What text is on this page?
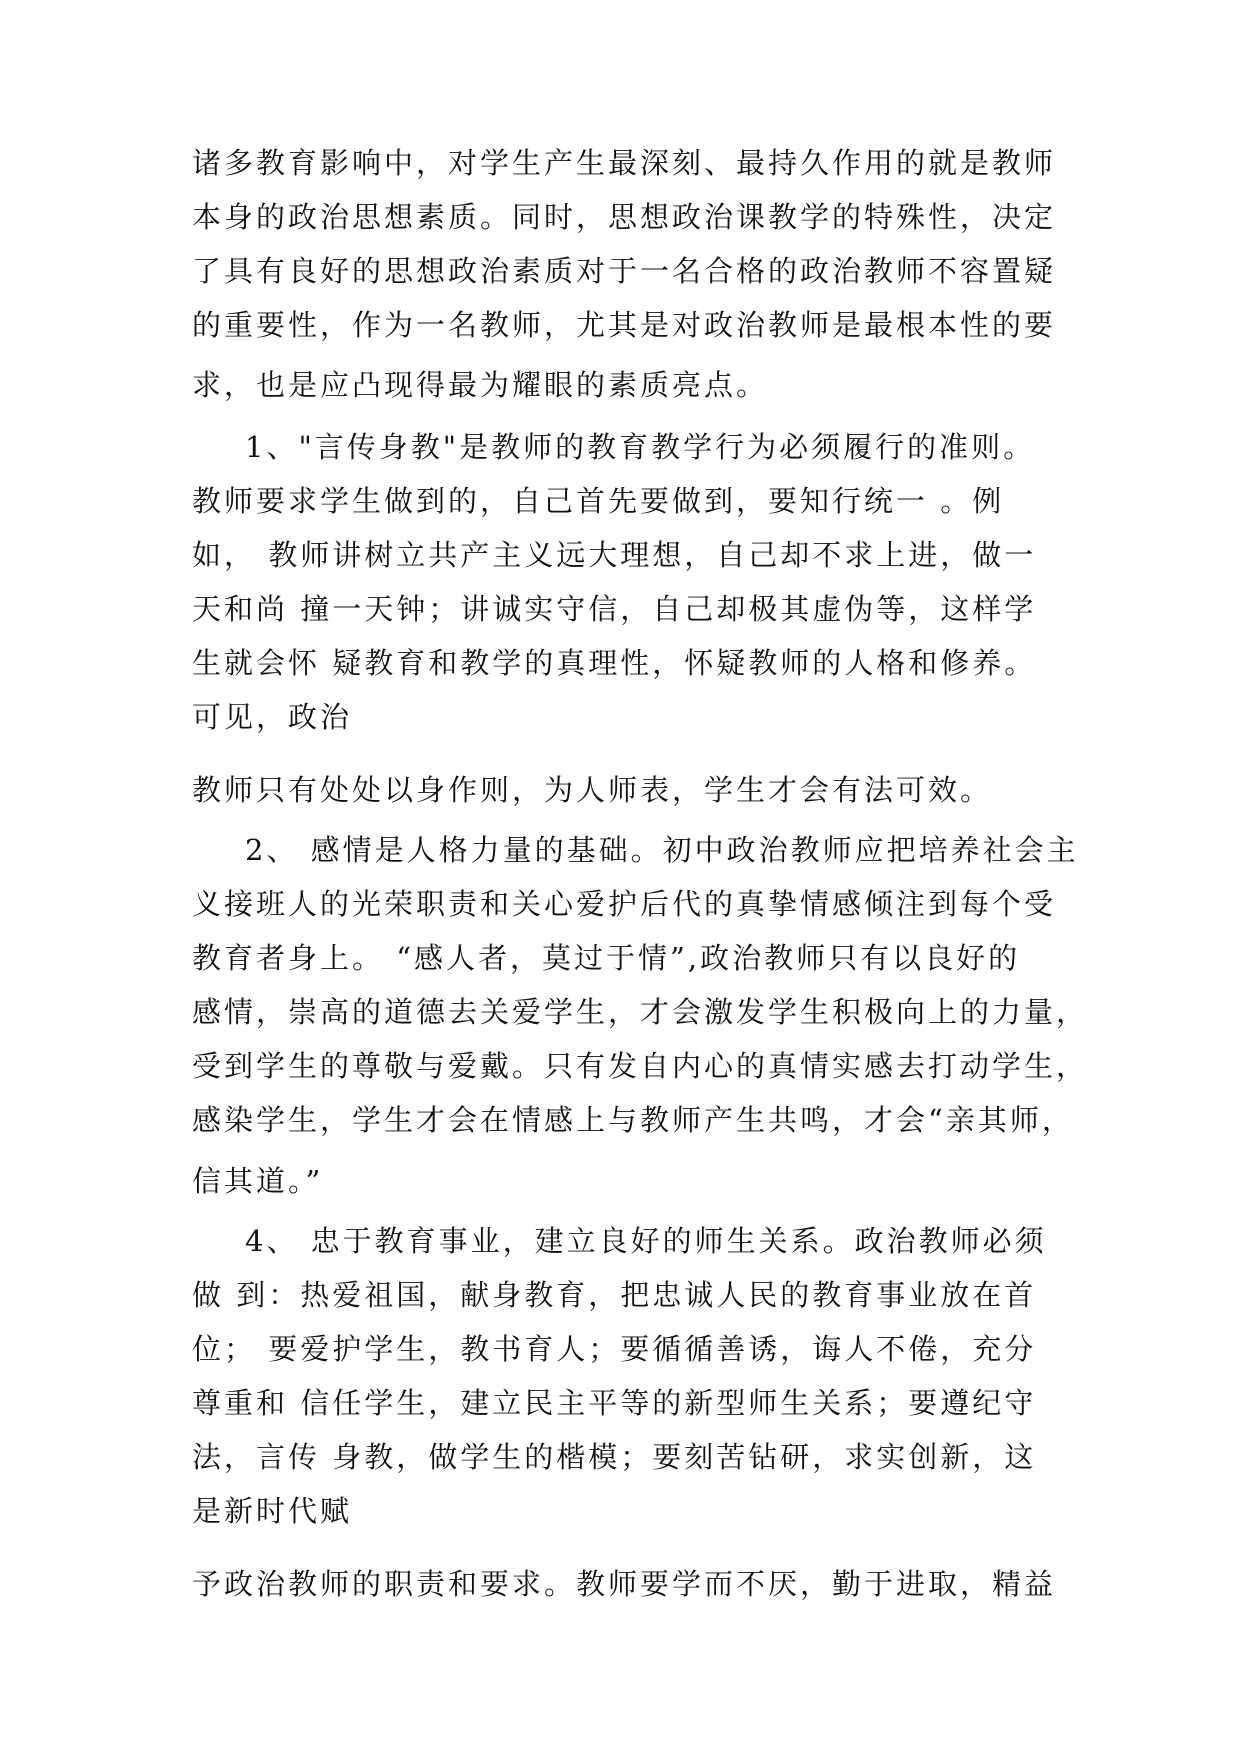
诸多教育影响中，对学生产生最深刻、最持久作用的就是教师
本身的政治思想素质。同时，思想政治课教学的特殊性，决定
了具有良好的思想政治素质对于一名合格的政治教师不容置疑
的重要性，作为一名教师，尤其是对政治教师是最根本性的要
求，也是应凸现得最为耀眼的素质亮点。
1、"言传身教"是教师的教育教学行为必须履行的准则。
教师要求学生做到的，自己首先要做到，要知行统一 。例
如， 教师讲树立共产主义远大理想，自己却不求上进，做一
天和尚 撞一天钟；讲诚实守信，自己却极其虚伪等，这样学
生就会怀 疑教育和教学的真理性，怀疑教师的人格和修养。
可见，政治
教师只有处处以身作则，为人师表，学生才会有法可效。
2、 感情是人格力量的基础。初中政治教师应把培养社会主
义接班人的光荣职责和关心爱护后代的真挚情感倾注到每个受
教育者身上。 “感人者，莫过于情”,政治教师只有以良好的
感情，崇高的道德去关爱学生，才会激发学生积极向上的力量，
受到学生的尊敬与爱戴。只有发自内心的真情实感去打动学生，
感染学生，学生才会在情感上与教师产生共鸣，才会“亲其师，
信其道。”
4、 忠于教育事业，建立良好的师生关系。政治教师必须
做 到：热爱祖国，献身教育，把忠诚人民的教育事业放在首
位； 要爱护学生，教书育人；要循循善诱，诲人不倦，充分
尊重和 信任学生，建立民主平等的新型师生关系；要遵纪守
法，言传 身教，做学生的楷模；要刻苦钻研，求实创新，这
是新时代赋
予政治教师的职责和要求。教师要学而不厌，勤于进取，精益
